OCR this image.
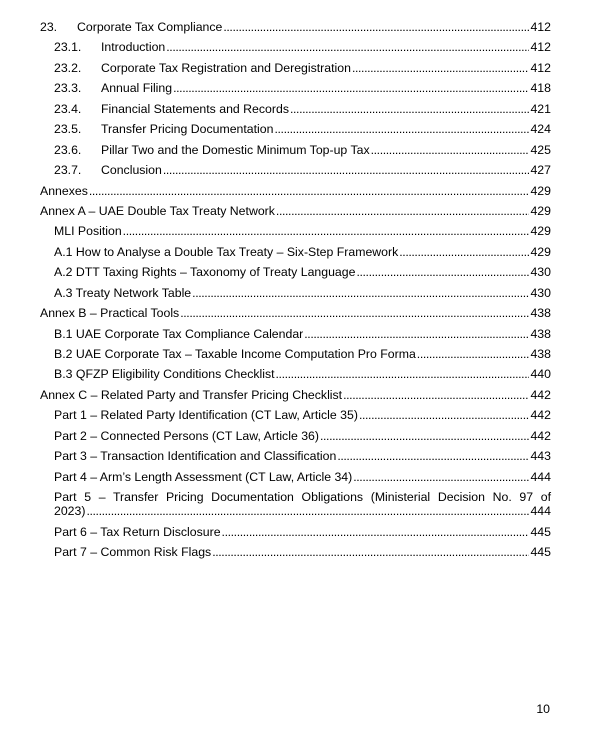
23.	Corporate Tax Compliance . . .	412
23.1.	Introduction . . .	412
23.2.	Corporate Tax Registration and Deregistration . . .	412
23.3.	Annual Filing . . .	418
23.4.	Financial Statements and Records . . .	421
23.5.	Transfer Pricing Documentation . . .	424
23.6.	Pillar Two and the Domestic Minimum Top-up Tax . . .	425
23.7.	Conclusion . . .	427
Annexes . . .	429
Annex A – UAE Double Tax Treaty Network . . .	429
MLI Position . . .	429
A.1 How to Analyse a Double Tax Treaty – Six-Step Framework . . .	429
A.2 DTT Taxing Rights – Taxonomy of Treaty Language . . .	430
A.3 Treaty Network Table . . .	430
Annex B – Practical Tools . . .	438
B.1 UAE Corporate Tax Compliance Calendar . . .	438
B.2 UAE Corporate Tax – Taxable Income Computation Pro Forma . . .	438
B.3 QFZP Eligibility Conditions Checklist . . .	440
Annex C – Related Party and Transfer Pricing Checklist . . .	442
Part 1 – Related Party Identification (CT Law, Article 35) . . .	442
Part 2 – Connected Persons (CT Law, Article 36) . . .	442
Part 3 – Transaction Identification and Classification . . .	443
Part 4 – Arm’s Length Assessment (CT Law, Article 34) . . .	444
Part 5 – Transfer Pricing Documentation Obligations (Ministerial Decision No. 97 of
2023) . . .	444
Part 6 – Tax Return Disclosure . . .	445
Part 7 – Common Risk Flags . . .	445
10
